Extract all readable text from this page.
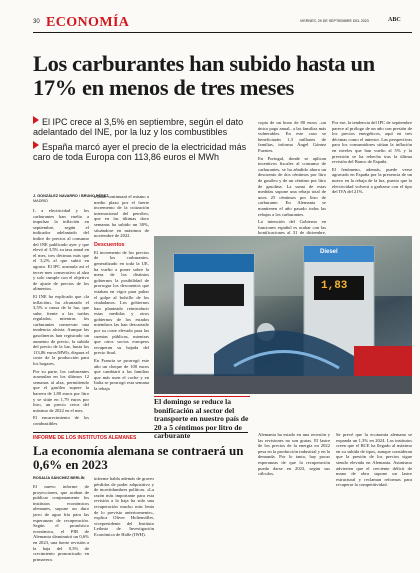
30 ECONOMÍA	VIERNES, 29 DE SEPTIEMBRE DEL 2023	ABC
Los carburantes han subido hasta un 17% en menos de tres meses
El IPC crece al 3,5% en septiembre, según el dato adelantado del INE, por la luz y los combustibles
España marcó ayer el precio de la electricidad más caro de toda Europa con 113,86 euros el MWh
J. GONZÁLEZ NAVARRO / BRUNO PÉREZ
MADRID

L a electricidad y los carburantes han vuelto a impulsar la inflación en septiembre, según el indicador adelantado del índice de precios al consumo del INE publicado ayer y que elevó al 3,5% su tasa anual en el mes, tres décimas más que el 3,2% al que subió en agosto. El IPC acumula así el tercer mes consecutivo al alza y solo cumple con el objetivo de ajuste de precios de los alimentos.

El INE ha explicado que «la inflación» ha alcanzado el 3,5% a causa de la luz, que sube, frente a las tarifas reguladas, mientras los carburantes conservan una tendencia alcista. Aunque las gasolineras han registrado un aumento de precio, la subida del precio de la luz, hasta los 113,86 euros/MWh, dispara el coste de la producción para los hogares.

Por su parte, los carburantes acumulan en los últimos 12 semanas al alza, permitiendo que el gasóleo supere la barrera de 1,80 euros por litro y se sitúe en 1,79 euros por litro, un precio cerca del máximo de 2022 en el mes.

El encarecimiento de los combustibles

tributo continuará el mismo a medio plazo por el fuerte incremento de la cotización internacional del petróleo, que en las últimas doce semanas ha subido un 30%, situándose en máximos de noviembre de 2022.

Descuentos

El incremento de los precios de los carburantes, generalizado en toda la UE, ha vuelto a poner sobre la mesa de los distintos gobiernos la posibilidad de prorrogar los descuentos que estaban en vigor para paliar el golpe al bolsillo de los ciudadanos. Los gobiernos han planteado reintroducir estas medidas y otros gobiernos de los estados miembros las han descartado por su coste elevado para las cuentas públicas, mientras que otros socios europeos recuperan su bajada del precio final.

En Francia se prorrogó este año un cheque de 100 euros que cambiará a las familias que más usen el coche y en Italia se prorrogó esta semana la rebaja

copia de un bono de 80 euros –un único pago anual– a las familias más vulnerables. En este caso se beneficiarán 1,3 millones de familias, informa Ángel Gómez Fuentes.

En Portugal, donde se aplican incentivos fiscales al consumo de carburantes, se ha añadido ahora un descuento de dos céntimos por litro de gasóleo y de un céntimo por litro de gasolina. La suma de estas medidas supone una rebaja total de unos 25 céntimos por litro de carburante. En Alemania se mantienen el año pasado todas las rebajas a los carburantes.

La intención del Gobierno en funciones español es acabar con las bonificaciones al 31 de diciembre,

Por ese, la tendencia del IPC de septiembre parece al prólogo de un año con presión de los precios energéticos, aquí en tres décimas como el anterior. Las perspectivas para los consumidores sitúan la inflación en niveles que han vuelto al 5% y la previsión se ha rehecho tras la última revisión del Banco de España.

El fenómeno, además, puede verse agravado en España por la presencia de un nuevo en la rebaja de la luz, puesto que la electricidad volverá a grabarse con el tipo del IVA del 21%.

Diesel
1,83
El domingo se reduce la bonificación al sector del transporte en nuestro país de 20 a 5 céntimos por litro de carburante
INFORME DE LOS INSTITUTOS ALEMANES
La economía alemana se contraerá un 0,6% en 2023
ROSALÍA SÁNCHEZ BERLÍN

El nuevo informe de proyecciones, que acaban de publicar conjuntamente los institutos económicos alemanes, supone un duro jarro de agua fría para las esperanzas de recuperación. Según el pronóstico económico, el PIB de Alemania disminuirá un 0,6% en 2023, una fuerte revisión a la baja del 0,3% de crecimiento pronosticado en primavera.

informe habla además de graves pérdidas de poder adquisitivo y de incertidumbres políticas. «La razón más importante para esta revisión a la baja ha sido una recuperación mucho más lenta de lo previsto anteriormente», explica Oliver Holtemöller, vicepresidente del Instituto Leibniz de Investigación Económica de Halle (IWH).

Alemania ha estado en una recesión y las revisiones no son gratas. El lastre de los precios de la energía en 2022 pesa en la producción industrial y en la demanda. Por lo tanto, hay pocas esperanzas de que la recuperación pueda darse en 2023, según sus cálculos.

Se prevé que la economía alemana se expanda un 1,3% en 2024. Los institutos creen que el BCE ha llegado al máximo en su subida de tipos, aunque consideran que la presión de los precios sigue siendo elevada en Alemania. Asimismo advierten que el creciente déficit de mano de obra supone un lastre estructural y reclaman reformas para recuperar la competitividad.
